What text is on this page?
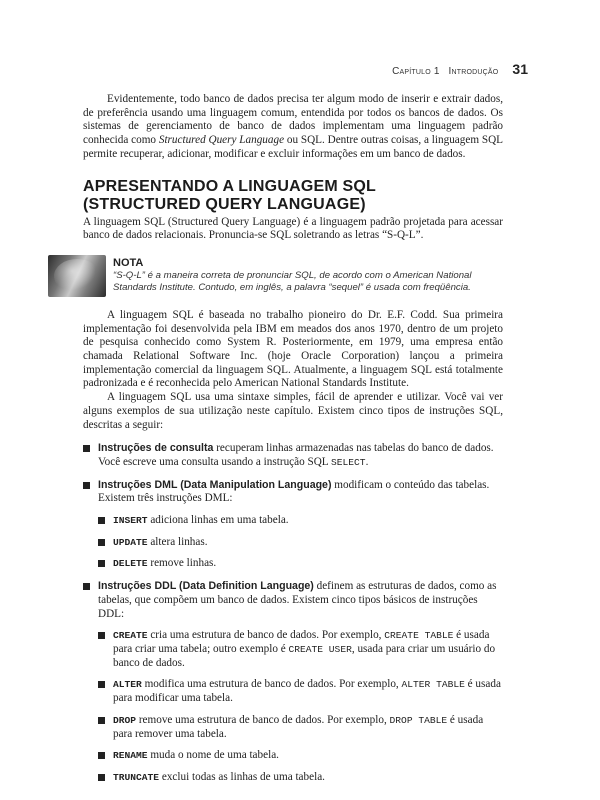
Capítulo 1 Introdução 31

Evidentemente, todo banco de dados precisa ter algum modo de inserir e extrair dados, de preferência usando uma linguagem comum, entendida por todos os bancos de dados. Os sistemas de gerenciamento de banco de dados implementam uma linguagem padrão conhecida como Structured Query Language ou SQL. Dentre outras coisas, a linguagem SQL permite recuperar, adicionar, modificar e excluir informações em um banco de dados.

APRESENTANDO A LINGUAGEM SQL
(STRUCTURED QUERY LANGUAGE)

A linguagem SQL (Structured Query Language) é a linguagem padrão projetada para acessar banco de dados relacionais. Pronuncia-se SQL soletrando as letras “S-Q-L”.

NOTA
“S-Q-L” é a maneira correta de pronunciar SQL, de acordo com o American National Standards Institute. Contudo, em inglês, a palavra “sequel” é usada com freqüência.

A linguagem SQL é baseada no trabalho pioneiro do Dr. E.F. Codd. Sua primeira implementação foi desenvolvida pela IBM em meados dos anos 1970, dentro de um projeto de pesquisa conhecido como System R. Posteriormente, em 1979, uma empresa então chamada Relational Software Inc. (hoje Oracle Corporation) lançou a primeira implementação comercial da linguagem SQL. Atualmente, a linguagem SQL está totalmente padronizada e é reconhecida pelo American National Standards Institute.

A linguagem SQL usa uma sintaxe simples, fácil de aprender e utilizar. Você vai ver alguns exemplos de sua utilização neste capítulo. Existem cinco tipos de instruções SQL, descritas a seguir:

Instruções de consulta recuperam linhas armazenadas nas tabelas do banco de dados. Você escreve uma consulta usando a instrução SQL SELECT.
Instruções DML (Data Manipulation Language) modificam o conteúdo das tabelas. Existem três instruções DML:
INSERT adiciona linhas em uma tabela.
UPDATE altera linhas.
DELETE remove linhas.
Instruções DDL (Data Definition Language) definem as estruturas de dados, como as tabelas, que compõem um banco de dados. Existem cinco tipos básicos de instruções DDL:
CREATE cria uma estrutura de banco de dados. Por exemplo, CREATE TABLE é usada para criar uma tabela; outro exemplo é CREATE USER, usada para criar um usuário do banco de dados.
ALTER modifica uma estrutura de banco de dados. Por exemplo, ALTER TABLE é usada para modificar uma tabela.
DROP remove uma estrutura de banco de dados. Por exemplo, DROP TABLE é usada para remover uma tabela.
RENAME muda o nome de uma tabela.
TRUNCATE exclui todas as linhas de uma tabela.
